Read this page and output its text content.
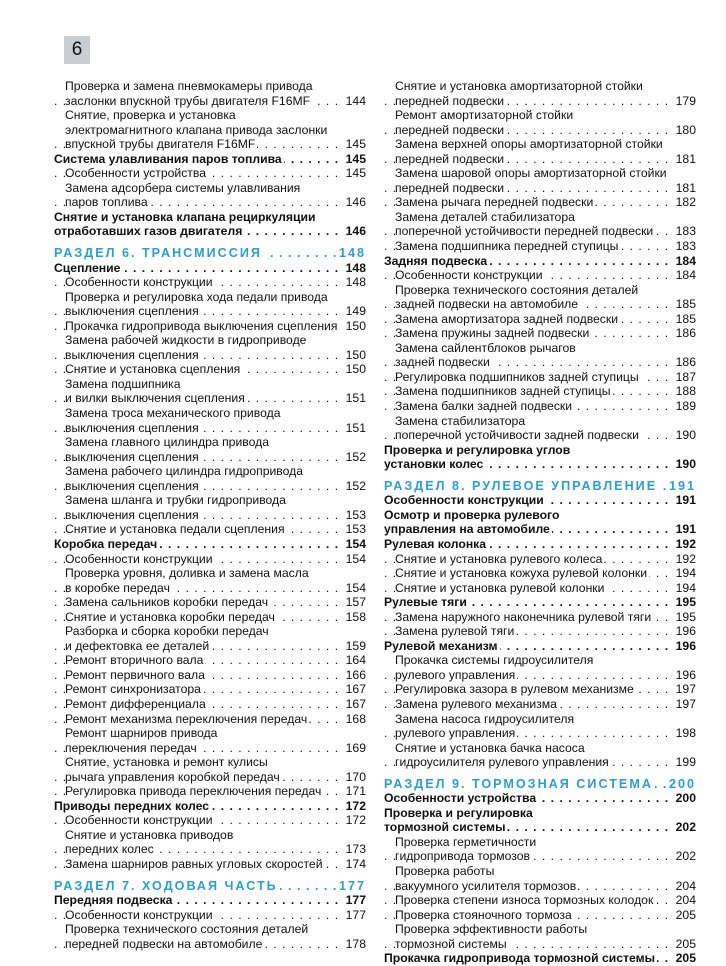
6
Проверка и замена пневмокамеры привода
. . . заслонки впускной трубы двигателя F16MF	144
Снятие, проверка и установка
электромагнитного клапана привода заслонки
. . . впускной трубы двигателя F16MF	145
. . . Система улавливания паров топлива	145
. . . Особенности устройства	145
Замена адсорбера системы улавливания
. . . паров топлива	146
Снятие и установка клапана рециркуляции
. . . отработавших газов двигателя	146
. . . РАЗДЕЛ 6. ТРАНСМИССИЯ	148
. . . Сцепление	148
. . . Особенности конструкции	148
Проверка и регулировка хода педали привода
. . . выключения сцепления	149
. . . Прокачка гидропривода выключения сцепления 150
Замена рабочей жидкости в гидроприводе
. . . выключения сцепления	150
. . . Снятие и установка сцепления	150
Замена подшипника
. . . и вилки выключения сцепления	151
Замена троса механического привода
. . . выключения сцепления	151
Замена главного цилиндра привода
. . . выключения сцепления	152
Замена рабочего цилиндра гидропривода
. . . выключения сцепления	152
Замена шланга и трубки гидропривода
. . . выключения сцепления	153
. . . Снятие и установка педали сцепления	153
. . . Коробка передач	154
. . . Особенности конструкции	154
Проверка уровня, доливка и замена масла
. . . в коробке передач	154
. . . Замена сальников коробки передач	157
. . . Снятие и установка коробки передач	158
Разборка и сборка коробки передач
. . . и дефектовка ее деталей	159
. . . Ремонт вторичного вала	164
. . . Ремонт первичного вала	166
. . . Ремонт синхронизатора	167
. . . Ремонт дифференциала	167
. . . Ремонт механизма переключения передач	168
Ремонт шарниров привода
. . . переключения передач	169
Снятие, установка и ремонт кулисы
. . . рычага управления коробкой передач	170
. . . Регулировка привода переключения передач 171
. . . Приводы передних колес	172
. . . Особенности конструкции	172
Снятие и установка приводов
. . . передних колес	173
. . . Замена шарниров равных угловых скоростей 174
. . . РАЗДЕЛ 7. ХОДОВАЯ ЧАСТЬ	177
. . . Передняя подвеска	177
. . . Особенности конструкции	177
Проверка технического состояния деталей
. . . передней подвески на автомобиле	178
Снятие и установка амортизаторной стойки
. . . передней подвески	179
Ремонт амортизаторной стойки
. . . передней подвески	180
Замена верхней опоры амортизаторной стойки
. . . передней подвески	181
Замена шаровой опоры амортизаторной стойки
. . . передней подвески	181
. . . Замена рычага передней подвески	182
Замена деталей стабилизатора
. . . поперечной устойчивости передней подвески 183
. . . Замена подшипника передней ступицы	183
. . . Задняя подвеска	184
. . . Особенности конструкции	184
Проверка технического состояния деталей
. . . задней подвески на автомобиле	185
. . . Замена амортизатора задней подвески	185
. . . Замена пружины задней подвески	186
Замена сайлентблоков рычагов
. . . задней подвески	186
. . . Регулировка подшипников задней ступицы	187
. . . Замена подшипников задней ступицы	188
. . . Замена балки задней подвески	189
Замена стабилизатора
. . . поперечной устойчивости задней подвески	190
Проверка и регулировка углов
. . . установки колес	190
. . . РАЗДЕЛ 8. РУЛЕВОЕ УПРАВЛЕНИЕ 191
. . . Особенности конструкции	191
Осмотр и проверка рулевого
. . . управления на автомобиле	191
. . . Рулевая колонка	192
. . . Снятие и установка рулевого колеса	192
. . . Снятие и установка кожуха рулевой колонки 194
. . . Снятие и установка рулевой колонки	194
. . . Рулевые тяги	195
. . . Замена наружного наконечника рулевой тяги 195
. . . Замена рулевой тяги	196
. . . Рулевой механизм	196
Прокачка системы гидроусилителя
. . . рулевого управления	196
. . . Регулировка зазора в рулевом механизме	197
. . . Замена рулевого механизма	197
Замена насоса гидроусилителя
. . . рулевого управления	198
Снятие и установка бачка насоса
. . . гидроусилителя рулевого управления	199
. . . РАЗДЕЛ 9. ТОРМОЗНАЯ СИСТЕМА 200
. . . Особенности устройства	200
Проверка и регулировка
. . . тормозной системы	202
Проверка герметичности
. . . гидропривода тормозов	202
Проверка работы
. . . вакуумного усилителя тормозов	204
. . . Проверка степени износа тормозных колодок 204
. . . Проверка стояночного тормоза	205
Проверка эффективности работы
. . . тормозной системы	205
. . . Прокачка гидропривода тормозной системы 205
